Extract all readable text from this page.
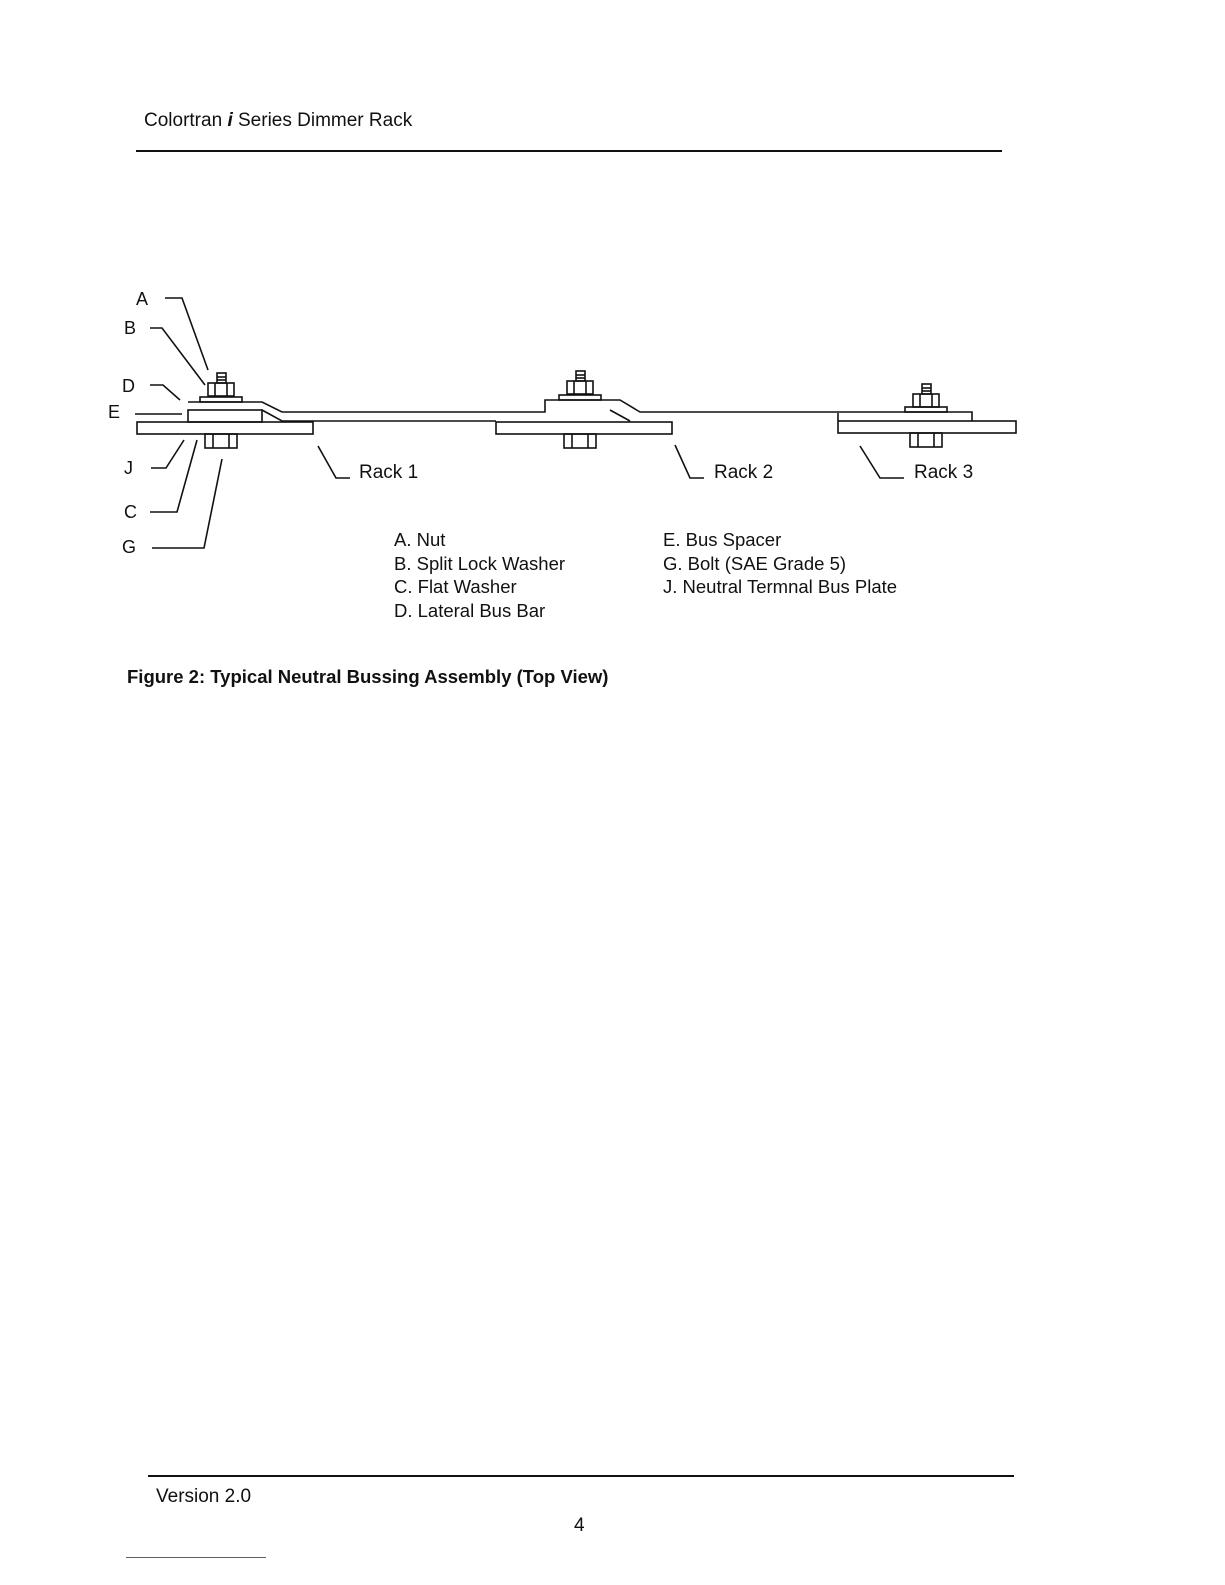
Colortran i Series Dimmer Rack
A
B
D
E
J
C
G
Rack 1	Rack 2	Rack 3
A. Nut
B. Split Lock Washer
C. Flat Washer
D. Lateral Bus Bar
E. Bus Spacer
G. Bolt (SAE Grade 5)
J. Neutral Termnal Bus Plate
Figure 2: Typical Neutral Bussing Assembly (Top View)
Version 2.0
4
